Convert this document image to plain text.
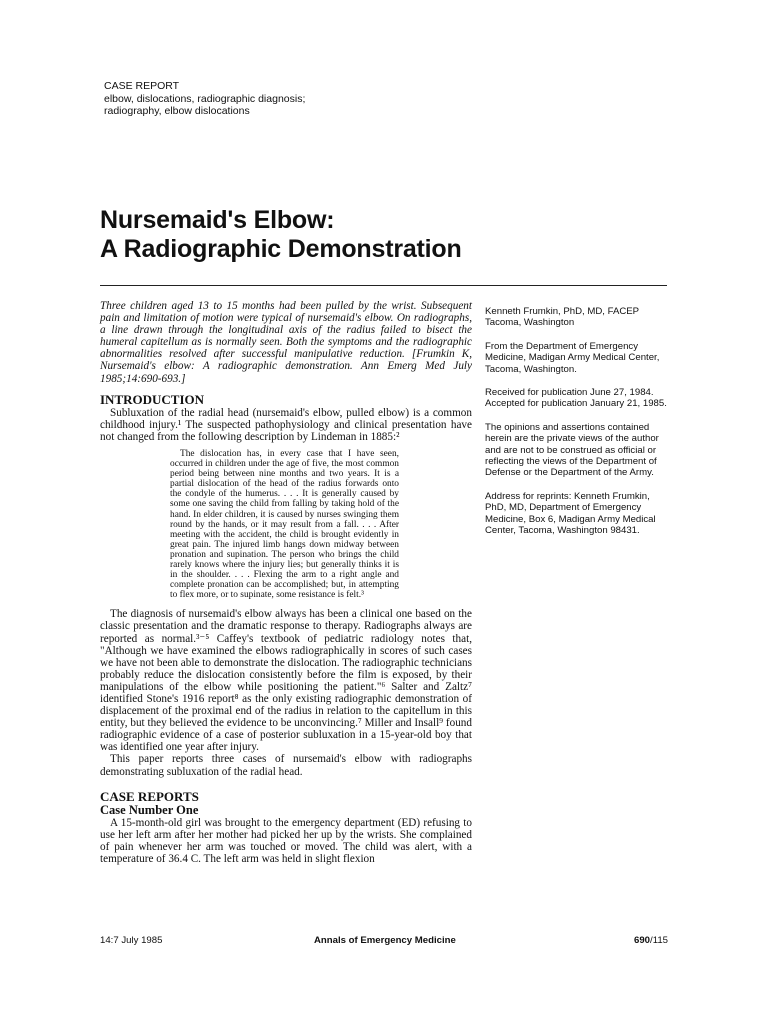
CASE REPORT
elbow, dislocations, radiographic diagnosis;
radiography, elbow dislocations
Nursemaid's Elbow:
A Radiographic Demonstration

Three children aged 13 to 15 months had been pulled by the wrist. Subsequent pain and limitation of motion were typical of nursemaid's elbow. On radiographs, a line drawn through the longitudinal axis of the radius failed to bisect the humeral capitellum as is normally seen. Both the symptoms and the radiographic abnormalities resolved after successful manipulative reduction. [Frumkin K, Nursemaid's elbow: A radiographic demonstration. Ann Emerg Med July 1985;14:690-693.]

INTRODUCTION

Subluxation of the radial head (nursemaid's elbow, pulled elbow) is a common childhood injury.¹ The suspected pathophysiology and clinical presentation have not changed from the following description by Lindeman in 1885:²

The dislocation has, in every case that I have seen, occurred in children under the age of five, the most common period being between nine months and two years. It is a partial dislocation of the head of the radius forwards onto the condyle of the humerus. . . . It is generally caused by some one saving the child from falling by taking hold of the hand. In elder children, it is caused by nurses swinging them round by the hands, or it may result from a fall. . . . After meeting with the accident, the child is brought evidently in great pain. The injured limb hangs down midway between pronation and supination. The person who brings the child rarely knows where the injury lies; but generally thinks it is in the shoulder. . . . Flexing the arm to a right angle and complete pronation can be accomplished; but, in attempting to flex more, or to supinate, some resistance is felt.³

The diagnosis of nursemaid's elbow always has been a clinical one based on the classic presentation and the dramatic response to therapy. Radiographs always are reported as normal.³⁻⁵ Caffey's textbook of pediatric radiology notes that, "Although we have examined the elbows radiographically in scores of such cases we have not been able to demonstrate the dislocation. The radiographic technicians probably reduce the dislocation consistently before the film is exposed, by their manipulations of the elbow while positioning the patient."⁶ Salter and Zaltz⁷ identified Stone's 1916 report⁸ as the only existing radiographic demonstration of displacement of the proximal end of the radius in relation to the capitellum in this entity, but they believed the evidence to be unconvincing.⁷ Miller and Insall⁹ found radiographic evidence of a case of posterior subluxation in a 15-year-old boy that was identified one year after injury.

This paper reports three cases of nursemaid's elbow with radiographs demonstrating subluxation of the radial head.

CASE REPORTS
Case Number One

A 15-month-old girl was brought to the emergency department (ED) refusing to use her left arm after her mother had picked her up by the wrists. She complained of pain whenever her arm was touched or moved. The child was alert, with a temperature of 36.4 C. The left arm was held in slight flexion

Kenneth Frumkin, PhD, MD, FACEP
Tacoma, Washington

From the Department of Emergency Medicine, Madigan Army Medical Center, Tacoma, Washington.

Received for publication June 27, 1984. Accepted for publication January 21, 1985.

The opinions and assertions contained herein are the private views of the author and are not to be construed as official or reflecting the views of the Department of Defense or the Department of the Army.

Address for reprints: Kenneth Frumkin, PhD, MD, Department of Emergency Medicine, Box 6, Madigan Army Medical Center, Tacoma, Washington 98431.

14:7 July 1985	Annals of Emergency Medicine	690/115
